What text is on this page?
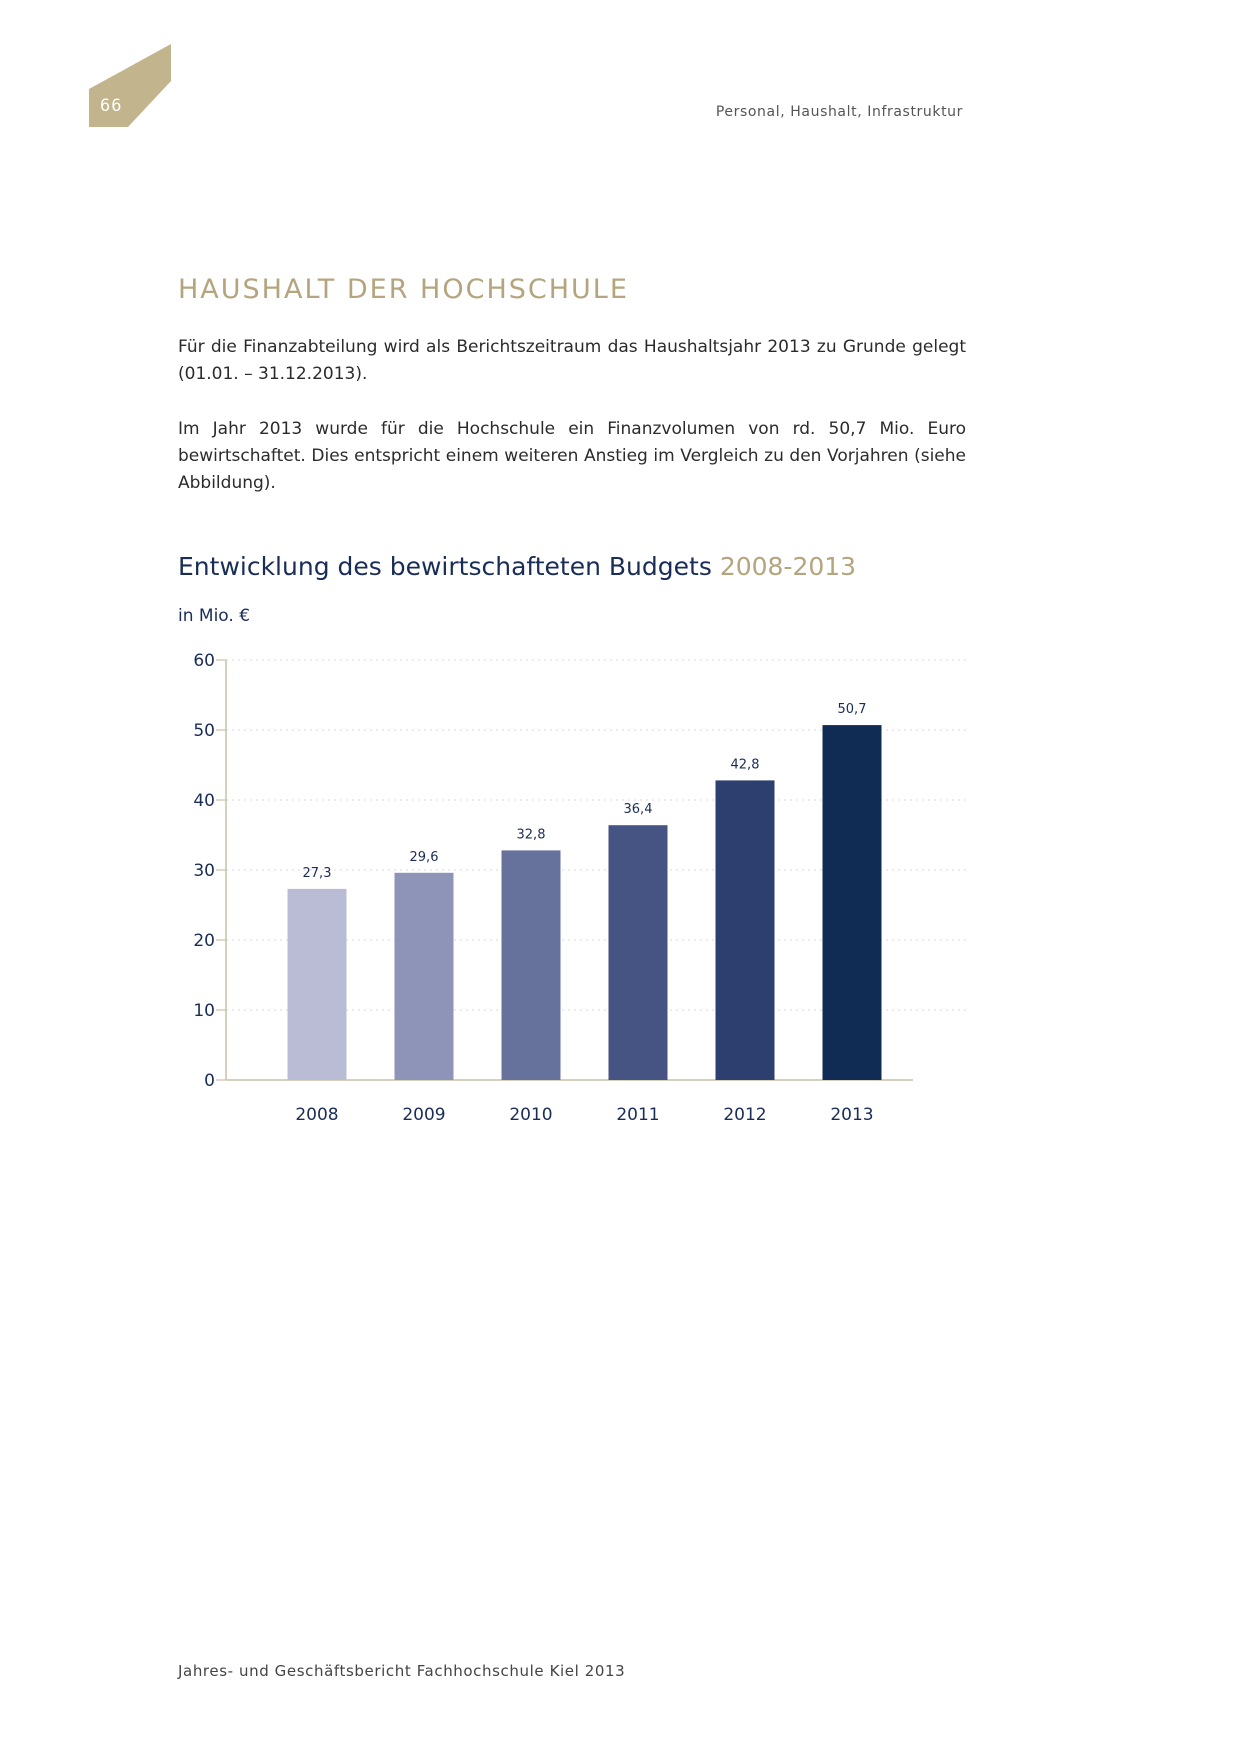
66	Personal, Haushalt, Infrastruktur
HAUSHALT DER HOCHSCHULE

Für die Finanzabteilung wird als Berichtszeitraum das Haushaltsjahr 2013 zu Grunde gelegt (01.01. – 31.12.2013).

Im Jahr 2013 wurde für die Hochschule ein Finanzvolumen von rd. 50,7 Mio. Euro bewirtschaftet. Dies entspricht einem weiteren Anstieg im Vergleich zu den Vorjahren (siehe Abbildung).

Entwicklung des bewirtschafteten Budgets 2008-2013
in Mio. €
0
10
20
30
40
50
60
27,3
2008
29,6
2009
32,8
2010
36,4
2011
42,8
2012
50,7
2013
Jahres- und Geschäftsbericht Fachhochschule Kiel 2013
